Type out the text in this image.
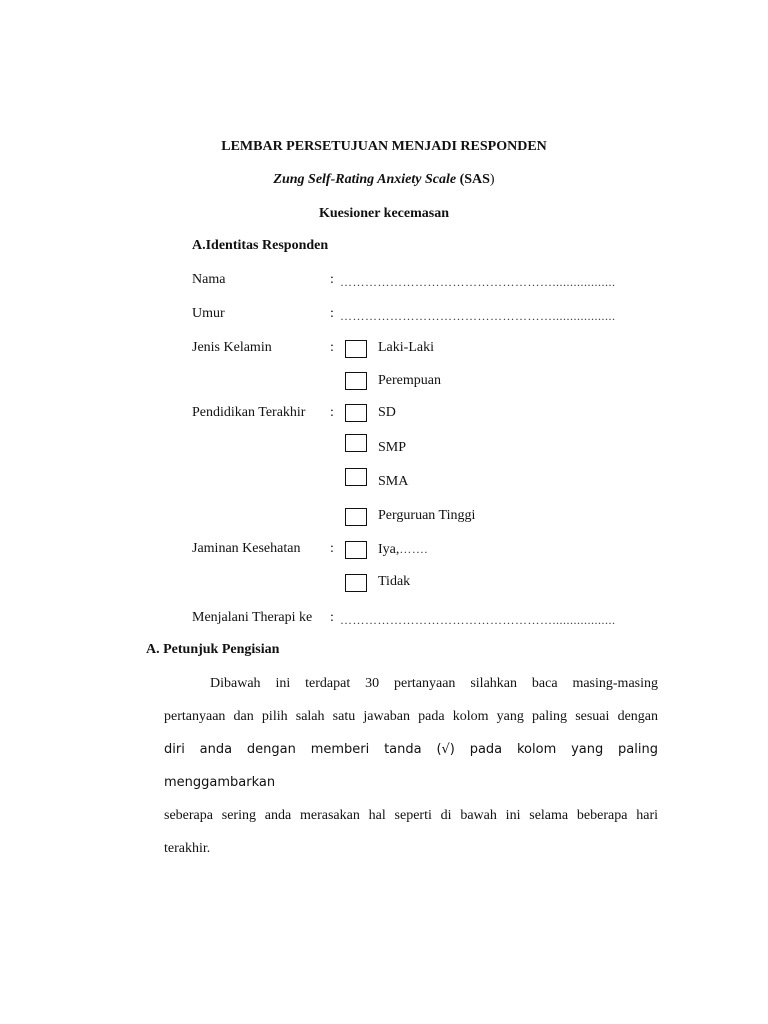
LEMBAR PERSETUJUAN MENJADI RESPONDEN
Zung Self-Rating Anxiety Scale (SAS)
Kuesioner kecemasan
A.Identitas Responden
Nama	: ……………………………………………..................
Umur	: ……………………………………………..................
Jenis Kelamin	:	Laki-Laki
Perempuan
Pendidikan Terakhir :	SD
SMP
SMA
Perguruan Tinggi
Jaminan Kesehatan :	Iya,…….
Tidak
Menjalani Therapi ke : ……………………………………………..................
A. Petunjuk Pengisian

Dibawah ini terdapat 30 pertanyaan silahkan baca masing-masing

pertanyaan dan pilih salah satu jawaban pada kolom yang paling sesuai dengan

diri anda dengan memberi tanda (√) pada kolom yang paling menggambarkan

seberapa sering anda merasakan hal seperti di bawah ini selama beberapa hari

terakhir.
